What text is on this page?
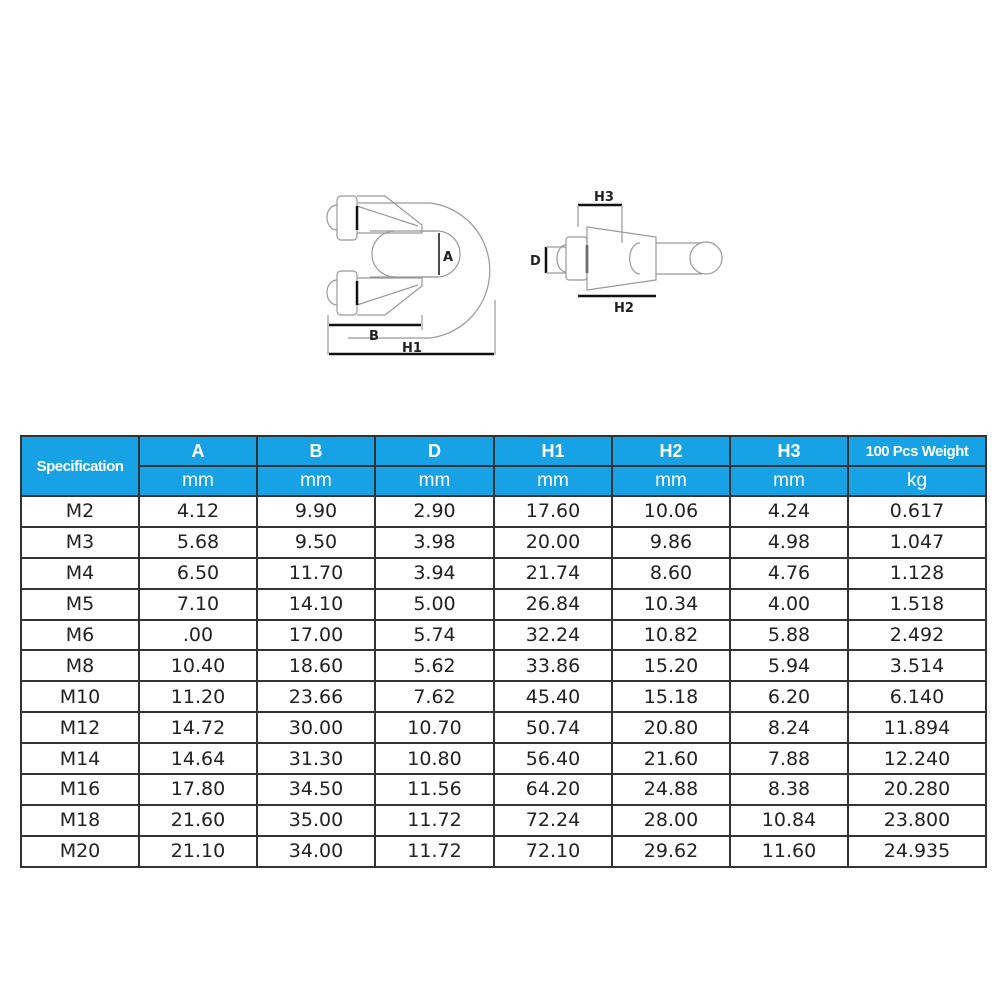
A
B
H1
D
H2
H3
Specification	A	B	D	H1	H2	H3	100 Pcs Weight
	mm	mm	mm	mm	mm	mm	kg
M2	4.12	9.90	2.90	17.60	10.06	4.24	0.617
M3	5.68	9.50	3.98	20.00	9.86	4.98	1.047
M4	6.50	11.70	3.94	21.74	8.60	4.76	1.128
M5	7.10	14.10	5.00	26.84	10.34	4.00	1.518
M6	.00	17.00	5.74	32.24	10.82	5.88	2.492
M8	10.40	18.60	5.62	33.86	15.20	5.94	3.514
M10	11.20	23.66	7.62	45.40	15.18	6.20	6.140
M12	14.72	30.00	10.70	50.74	20.80	8.24	11.894
M14	14.64	31.30	10.80	56.40	21.60	7.88	12.240
M16	17.80	34.50	11.56	64.20	24.88	8.38	20.280
M18	21.60	35.00	11.72	72.24	28.00	10.84	23.800
M20	21.10	34.00	11.72	72.10	29.62	11.60	24.935
